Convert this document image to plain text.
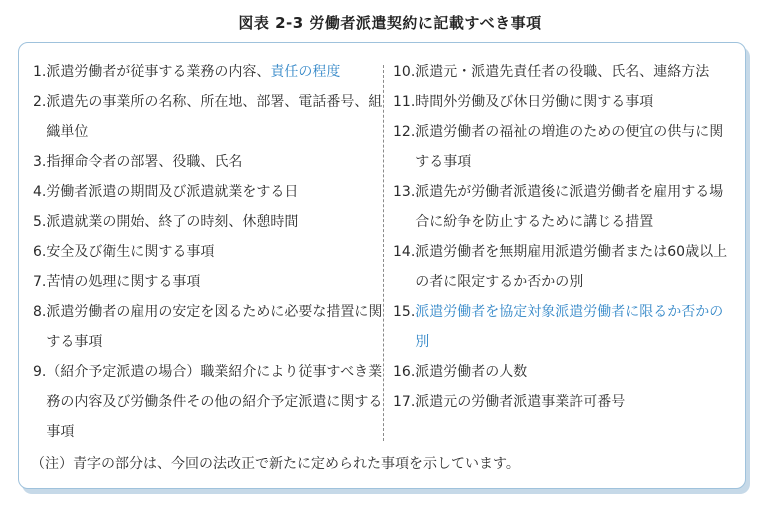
図表 2-3 労働者派遣契約に記載すべき事項
1. 派遣労働者が従事する業務の内容、責任の程度
2. 派遣先の事業所の名称、所在地、部署、電話番号、組織単位
3. 指揮命令者の部署、役職、氏名
4. 労働者派遣の期間及び派遣就業をする日
5. 派遣就業の開始、終了の時刻、休憩時間
6. 安全及び衛生に関する事項
7. 苦情の処理に関する事項
8. 派遣労働者の雇用の安定を図るために必要な措置に関する事項
9. （紹介予定派遣の場合）職業紹介により従事すべき業務の内容及び労働条件その他の紹介予定派遣に関する事項
10. 派遣元・派遣先責任者の役職、氏名、連絡方法
11. 時間外労働及び休日労働に関する事項
12. 派遣労働者の福祉の増進のための便宜の供与に関する事項
13. 派遣先が労働者派遣後に派遣労働者を雇用する場合に紛争を防止するために講じる措置
14. 派遣労働者を無期雇用派遣労働者または60歳以上の者に限定するか否かの別
15. 派遣労働者を協定対象派遣労働者に限るか否かの別
16. 派遣労働者の人数
17. 派遣元の労働者派遣事業許可番号
（注）青字の部分は、今回の法改正で新たに定められた事項を示しています。
